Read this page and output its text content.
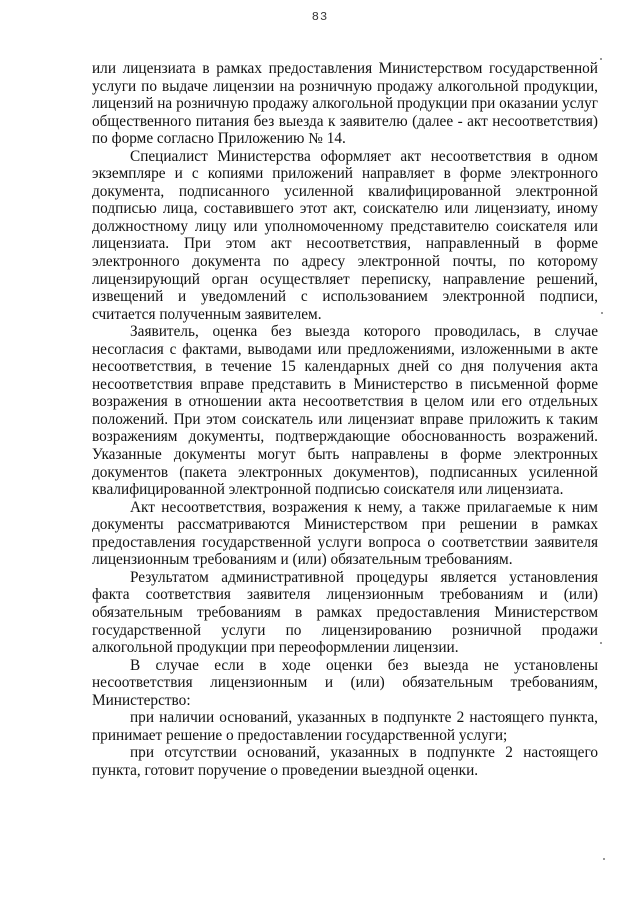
83

или лицензиата в рамках предоставления Министерством государственной услуги по выдаче лицензии на розничную продажу алкогольной продукции, лицензий на розничную продажу алкогольной продукции при оказании услуг общественного питания без выезда к заявителю (далее - акт несоответствия) по форме согласно Приложению № 14.

Специалист Министерства оформляет акт несоответствия в одном экземпляре и с копиями приложений направляет в форме электронного документа, подписанного усиленной квалифицированной электронной подписью лица, составившего этот акт, соискателю или лицензиату, иному должностному лицу или уполномоченному представителю соискателя или лицензиата. При этом акт несоответствия, направленный в форме электронного документа по адресу электронной почты, по которому лицензирующий орган осуществляет переписку, направление решений, извещений и уведомлений с использованием электронной подписи, считается полученным заявителем.

Заявитель, оценка без выезда которого проводилась, в случае несогласия с фактами, выводами или предложениями, изложенными в акте несоответствия, в течение 15 календарных дней со дня получения акта несоответствия вправе представить в Министерство в письменной форме возражения в отношении акта несоответствия в целом или его отдельных положений. При этом соискатель или лицензиат вправе приложить к таким возражениям документы, подтверждающие обоснованность возражений. Указанные документы могут быть направлены в форме электронных документов (пакета электронных документов), подписанных усиленной квалифицированной электронной подписью соискателя или лицензиата.

Акт несоответствия, возражения к нему, а также прилагаемые к ним документы рассматриваются Министерством при решении в рамках предоставления государственной услуги вопроса о соответствии заявителя лицензионным требованиям и (или) обязательным требованиям.

Результатом административной процедуры является установления факта соответствия заявителя лицензионным требованиям и (или) обязательным требованиям в рамках предоставления Министерством государственной услуги по лицензированию розничной продажи алкогольной продукции при переоформлении лицензии.

В случае если в ходе оценки без выезда не установлены несоответствия лицензионным и (или) обязательным требованиям, Министерство:

при наличии оснований, указанных в подпункте 2 настоящего пункта, принимает решение о предоставлении государственной услуги;

при отсутствии оснований, указанных в подпункте 2 настоящего пункта, готовит поручение о проведении выездной оценки.
